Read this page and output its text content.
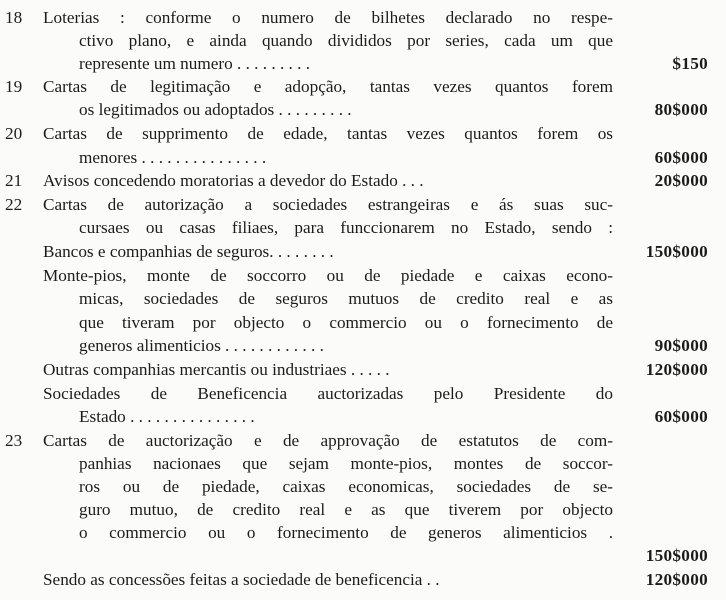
18 Loterias : conforme o numero de bilhetes declarado no respe-
ctivo plano, e ainda quando divididos por series, cada um que
represente um numero . . . . . . . . .	$150
19 Cartas de legitimação e adopção, tantas vezes quantos forem
os legitimados ou adoptados . . . . . . . . .	80$000
20 Cartas de supprimento de edade, tantas vezes quantos forem os
menores . . . . . . . . . . . . . . .	60$000
21 Avisos concedendo moratorias a devedor do Estado . . .	20$000
22 Cartas de autorização a sociedades estrangeiras e ás suas suc-
cursaes ou casas filiaes, para funccionarem no Estado, sendo :
Bancos e companhias de seguros. . . . . . . .	150$000
Monte-pios, monte de soccorro ou de piedade e caixas econo-
micas, sociedades de seguros mutuos de credito real e as
que tiveram por objecto o commercio ou o fornecimento de
generos alimenticios . . . . . . . . . . . .	90$000
Outras companhias mercantis ou industriaes . . . . .	120$000
Sociedades de Beneficencia auctorizadas pelo Presidente do
Estado . . . . . . . . . . . . . . .	60$000
23 Cartas de auctorização e de approvação de estatutos de com-
panhias nacionaes que sejam monte-pios, montes de soccor-
ros ou de piedade, caixas economicas, sociedades de se-
guro mutuo, de credito real e as que tiverem por objecto
o commercio ou o fornecimento de generos alimenticios .
150$000
Sendo as concessões feitas a sociedade de beneficencia . .	120$000
